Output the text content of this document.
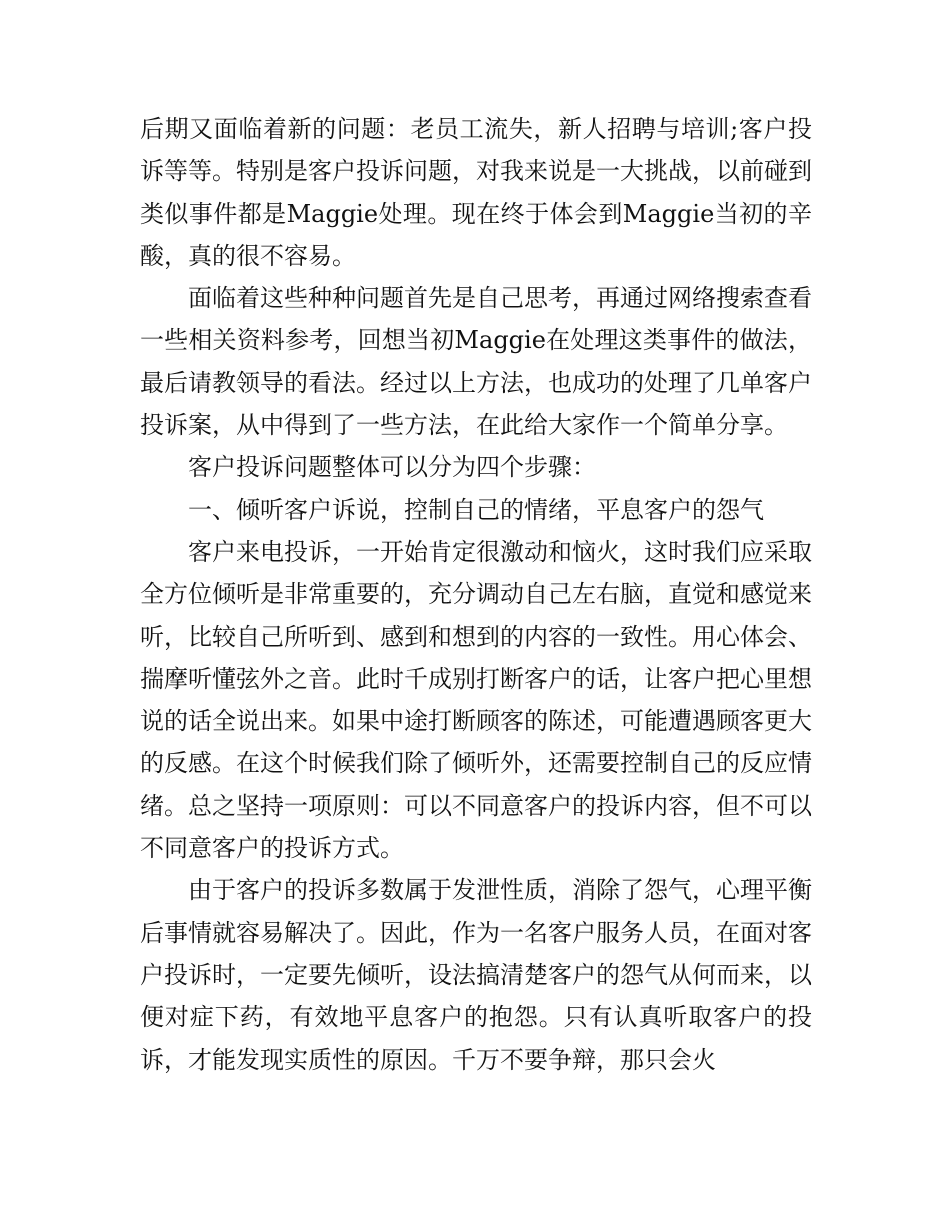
后期又面临着新的问题：老员工流失，新人招聘与培训;客户投诉等等。特别是客户投诉问题，对我来说是一大挑战，以前碰到类似事件都是Maggie处理。现在终于体会到Maggie当初的辛酸，真的很不容易。

面临着这些种种问题首先是自己思考，再通过网络搜索查看一些相关资料参考，回想当初Maggie在处理这类事件的做法，最后请教领导的看法。经过以上方法，也成功的处理了几单客户投诉案，从中得到了一些方法，在此给大家作一个简单分享。

客户投诉问题整体可以分为四个步骤：

一、倾听客户诉说，控制自己的情绪，平息客户的怨气

客户来电投诉，一开始肯定很激动和恼火，这时我们应采取全方位倾听是非常重要的，充分调动自己左右脑，直觉和感觉来听，比较自己所听到、感到和想到的内容的一致性。用心体会、揣摩听懂弦外之音。此时千成别打断客户的话，让客户把心里想说的话全说出来。如果中途打断顾客的陈述，可能遭遇顾客更大的反感。在这个时候我们除了倾听外，还需要控制自己的反应情绪。总之坚持一项原则：可以不同意客户的投诉内容，但不可以不同意客户的投诉方式。

由于客户的投诉多数属于发泄性质，消除了怨气，心理平衡后事情就容易解决了。因此，作为一名客户服务人员，在面对客户投诉时，一定要先倾听，设法搞清楚客户的怨气从何而来，以便对症下药，有效地平息客户的抱怨。只有认真听取客户的投诉，才能发现实质性的原因。千万不要争辩，那只会火
